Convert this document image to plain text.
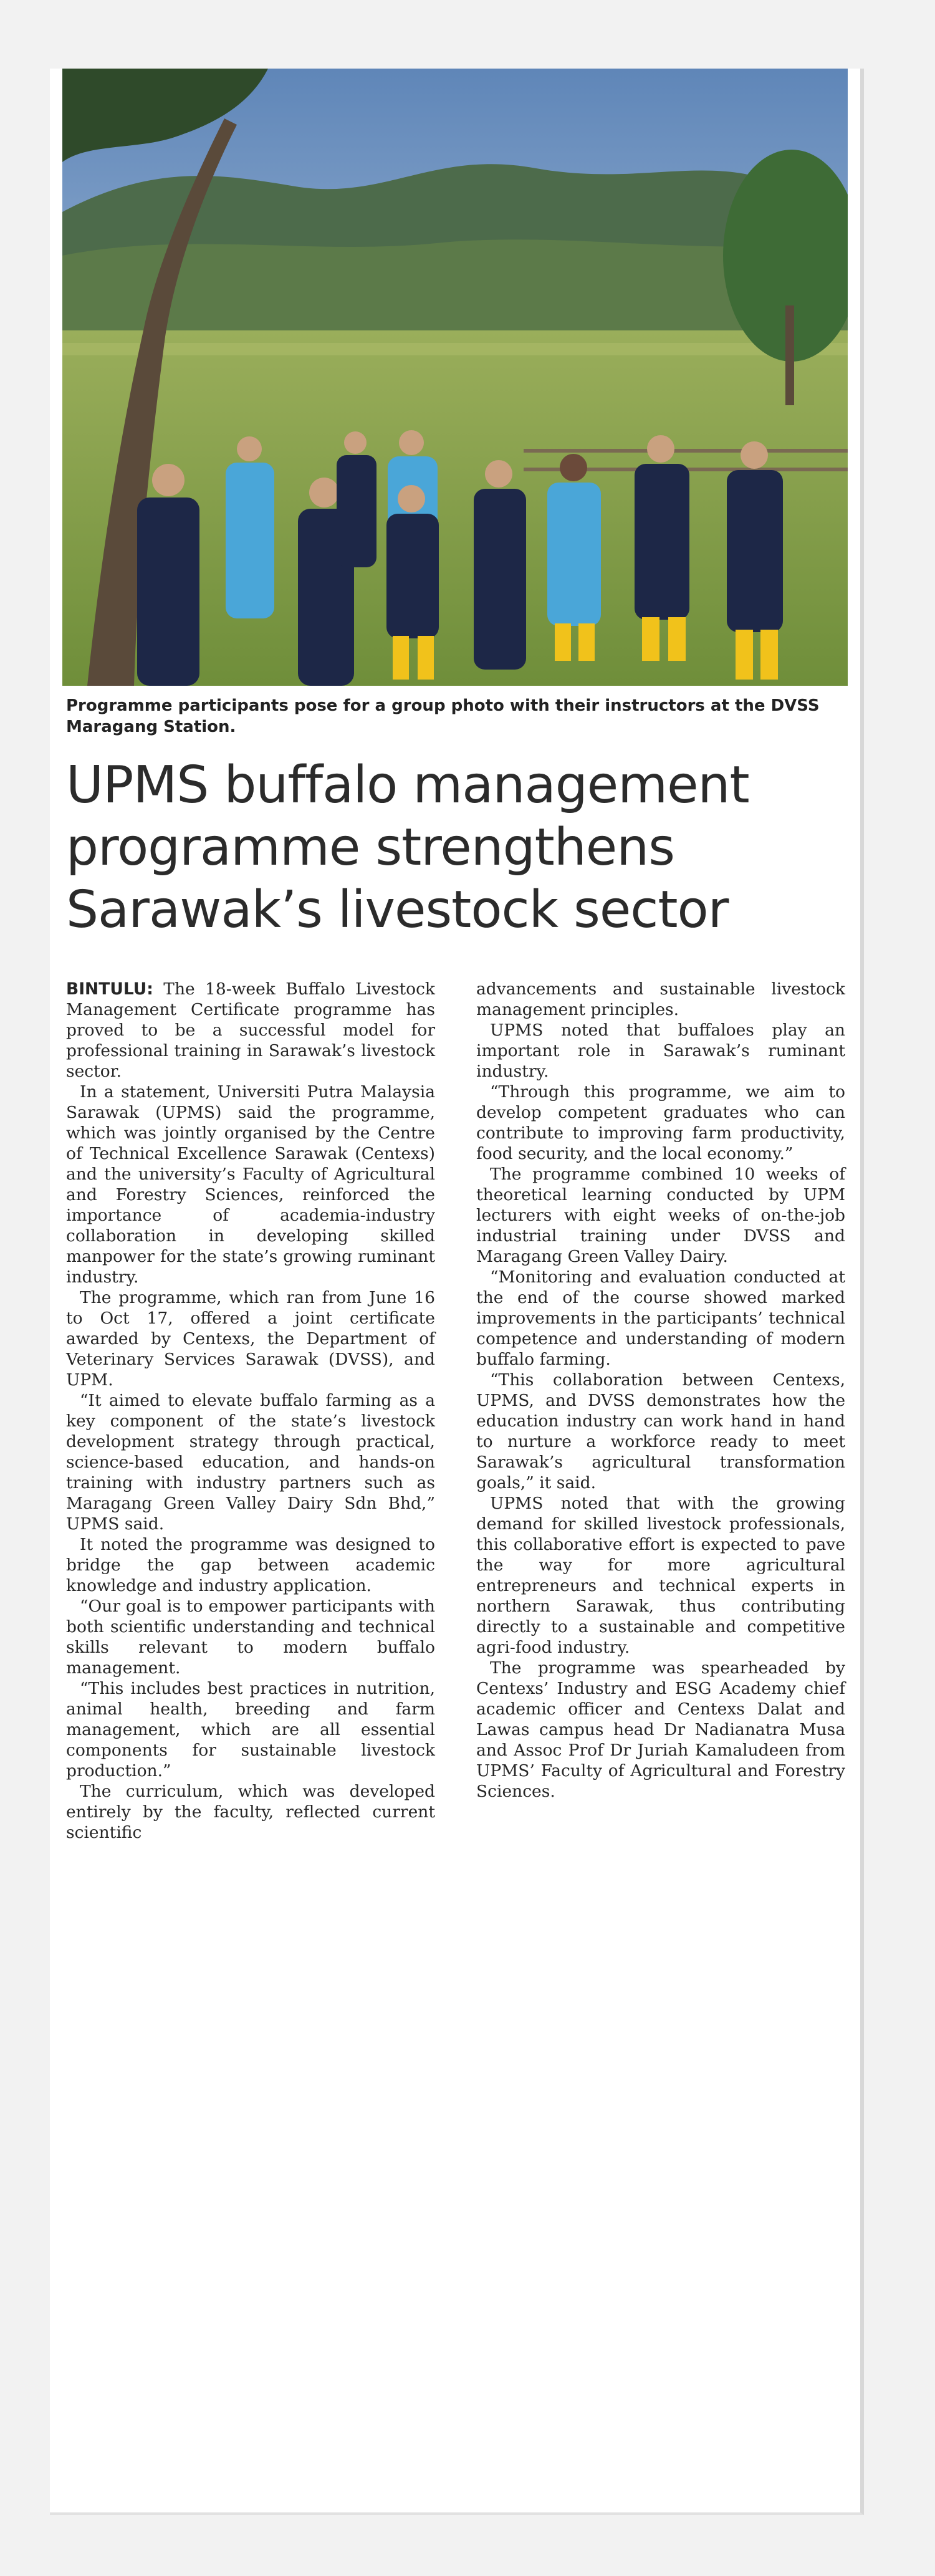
Programme participants pose for a group photo with their instructors at the DVSS Maragang Station.
UPMS buffalo management programme strengthens Sarawak’s livestock sector

BINTULU: The 18-week Buffalo Livestock Management Certificate programme has proved to be a successful model for professional training in Sarawak’s livestock sector.

In a statement, Universiti Putra Malaysia Sarawak (UPMS) said the programme, which was jointly organised by the Centre of Technical Excellence Sarawak (Centexs) and the university’s Faculty of Agricultural and Forestry Sciences, reinforced the importance of academia-industry collaboration in developing skilled manpower for the state’s growing ruminant industry.

The programme, which ran from June 16 to Oct 17, offered a joint certificate awarded by Centexs, the Department of Veterinary Services Sarawak (DVSS), and UPM.

“It aimed to elevate buffalo farming as a key component of the state’s livestock development strategy through practical, science-based education, and hands-on training with industry partners such as Maragang Green Valley Dairy Sdn Bhd,” UPMS said.

It noted the programme was designed to bridge the gap between academic knowledge and industry application.

“Our goal is to empower participants with both scientific understanding and technical skills relevant to modern buffalo management.

“This includes best practices in nutrition, animal health, breeding and farm management, which are all essential components for sustainable livestock production.”

The curriculum, which was developed entirely by the faculty, reflected current scientific

advancements and sustainable livestock management principles.

UPMS noted that buffaloes play an important role in Sarawak’s ruminant industry.

“Through this programme, we aim to develop competent graduates who can contribute to improving farm productivity, food security, and the local economy.”

The programme combined 10 weeks of theoretical learning conducted by UPM lecturers with eight weeks of on-the-job industrial training under DVSS and Maragang Green Valley Dairy.

“Monitoring and evaluation conducted at the end of the course showed marked improvements in the participants’ technical competence and understanding of modern buffalo farming.

“This collaboration between Centexs, UPMS, and DVSS demonstrates how the education industry can work hand in hand to nurture a workforce ready to meet Sarawak’s agricultural transformation goals,” it said.

UPMS noted that with the growing demand for skilled livestock professionals, this collaborative effort is expected to pave the way for more agricultural entrepreneurs and technical experts in northern Sarawak, thus contributing directly to a sustainable and competitive agri-food industry.

The programme was spearheaded by Centexs’ Industry and ESG Academy chief academic officer and Centexs Dalat and Lawas campus head Dr Nadianatra Musa and Assoc Prof Dr Juriah Kamaludeen from UPMS’ Faculty of Agricultural and Forestry Sciences.
